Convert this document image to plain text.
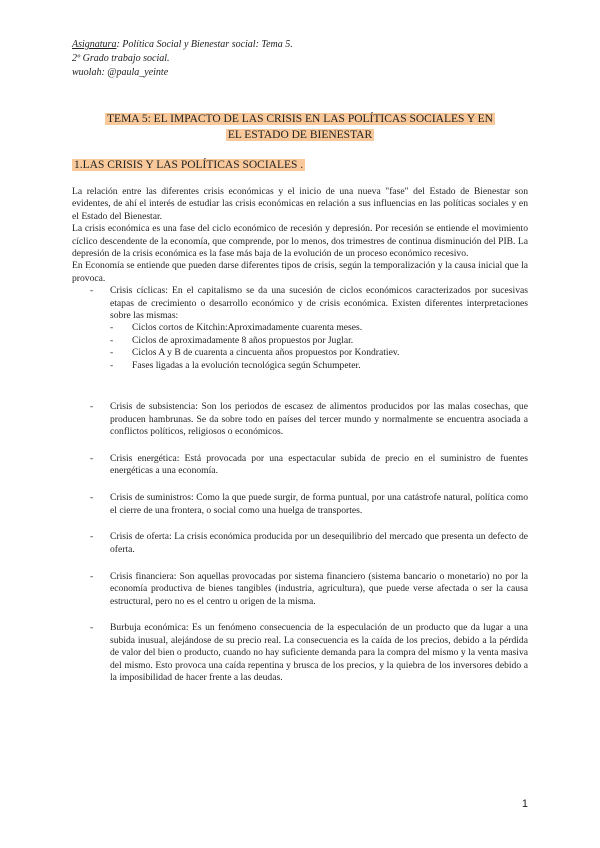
Asignatura: Política Social y Bienestar social: Tema 5.
2º Grado trabajo social.
wuolah: @paula_yeinte
TEMA 5: EL IMPACTO DE LAS CRISIS EN LAS POLÍTICAS SOCIALES Y EN
EL ESTADO DE BIENESTAR
1.LAS CRISIS Y LAS POLÍTICAS SOCIALES .

La relación entre las diferentes crisis económicas y el inicio de una nueva "fase" del Estado de Bienestar son evidentes, de ahí el interés de estudiar las crisis económicas en relación a sus influencias en las políticas sociales y en el Estado del Bienestar.

La crisis económica es una fase del ciclo económico de recesión y depresión. Por recesión se entiende el movimiento cíclico descendente de la economía, que comprende, por lo menos, dos trimestres de continua disminución del PIB. La depresión de la crisis económica es la fase más baja de la evolución de un proceso económico recesivo.

En Economía se entiende que pueden darse diferentes tipos de crisis, según la temporalización y la causa inicial que la provoca.

- Crisis cíclicas: En el capitalismo se da una sucesión de ciclos económicos caracterizados por sucesivas etapas de crecimiento o desarrollo económico y de crisis económica. Existen diferentes interpretaciones sobre las mismas:
- Ciclos cortos de Kitchin:Aproximadamente cuarenta meses.
- Ciclos de aproximadamente 8 años propuestos por Juglar.
- Ciclos A y B de cuarenta a cincuenta años propuestos por Kondratiev.
- Fases ligadas a la evolución tecnológica según Schumpeter.
- Crisis de subsistencia: Son los periodos de escasez de alimentos producidos por las malas cosechas, que producen hambrunas. Se da sobre todo en países del tercer mundo y normalmente se encuentra asociada a conflictos políticos, religiosos o económicos.
- Crisis energética: Está provocada por una espectacular subida de precio en el suministro de fuentes energéticas a una economía.
- Crisis de suministros: Como la que puede surgir, de forma puntual, por una catástrofe natural, política como el cierre de una frontera, o social como una huelga de transportes.
- Crisis de oferta: La crisis económica producida por un desequilibrio del mercado que presenta un defecto de oferta.
- Crisis financiera: Son aquellas provocadas por sistema financiero (sistema bancario o monetario) no por la economía productiva de bienes tangibles (industria, agricultura), que puede verse afectada o ser la causa estructural, pero no es el centro u origen de la misma.
- Burbuja económica: Es un fenómeno consecuencia de la especulación de un producto que da lugar a una subida inusual, alejándose de su precio real. La consecuencia es la caída de los precios, debido a la pérdida de valor del bien o producto, cuando no hay suficiente demanda para la compra del mismo y la venta masiva del mismo. Esto provoca una caída repentina y brusca de los precios, y la quiebra de los inversores debido a la imposibilidad de hacer frente a las deudas.
1
